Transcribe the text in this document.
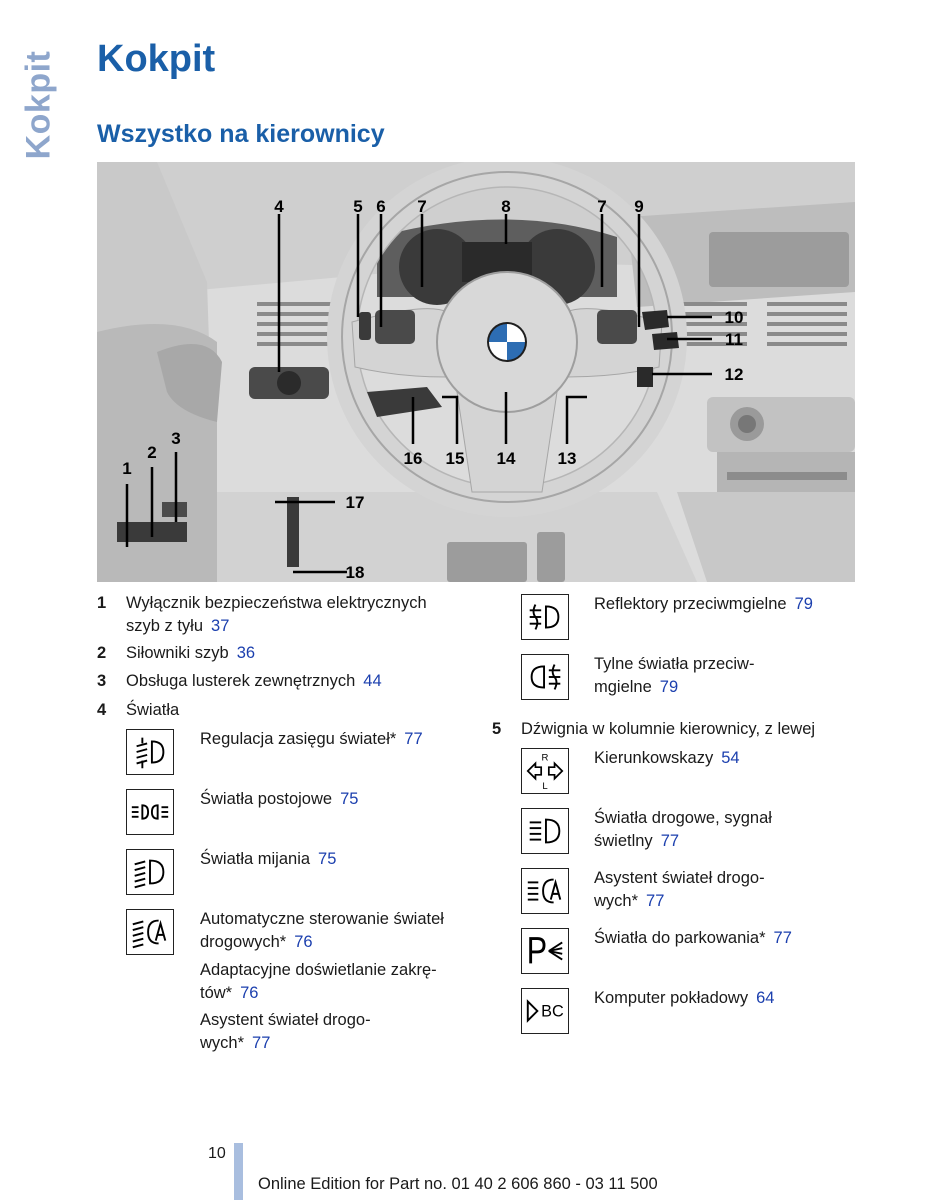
Kokpit Kokpit
Wszystko na kierownicy
4	5 6 7	8	7 9
10
11
12
13
14
15
16
17
18
1
2
3
1 Wyłącznik bezpieczeństwa elektrycznych
szyb z tyłu 37
2 Siłowniki szyb 36
3 Obsługa lusterek zewnętrznych 44
4 Światła
Regulacja zasięgu świateł* 77
Światła postojowe 75
Światła mijania 75
Automatyczne sterowanie świateł
drogowych* 76
Adaptacyjne doświetlanie zakrę-
tów* 76
Asystent świateł drogo-
wych* 77
Reflektory przeciwmgielne 79
Tylne światła przeciw-
mgielne 79
5 Dźwignia w kolumnie kierownicy, z lewej
R
L
Kierunkowskazy 54
Światła drogowe, sygnał
świetlny 77
Asystent świateł drogo-
wych* 77
Światła do parkowania* 77
BC
Komputer pokładowy 64
10
Online Edition for Part no. 01 40 2 606 860 - 03 11 500
